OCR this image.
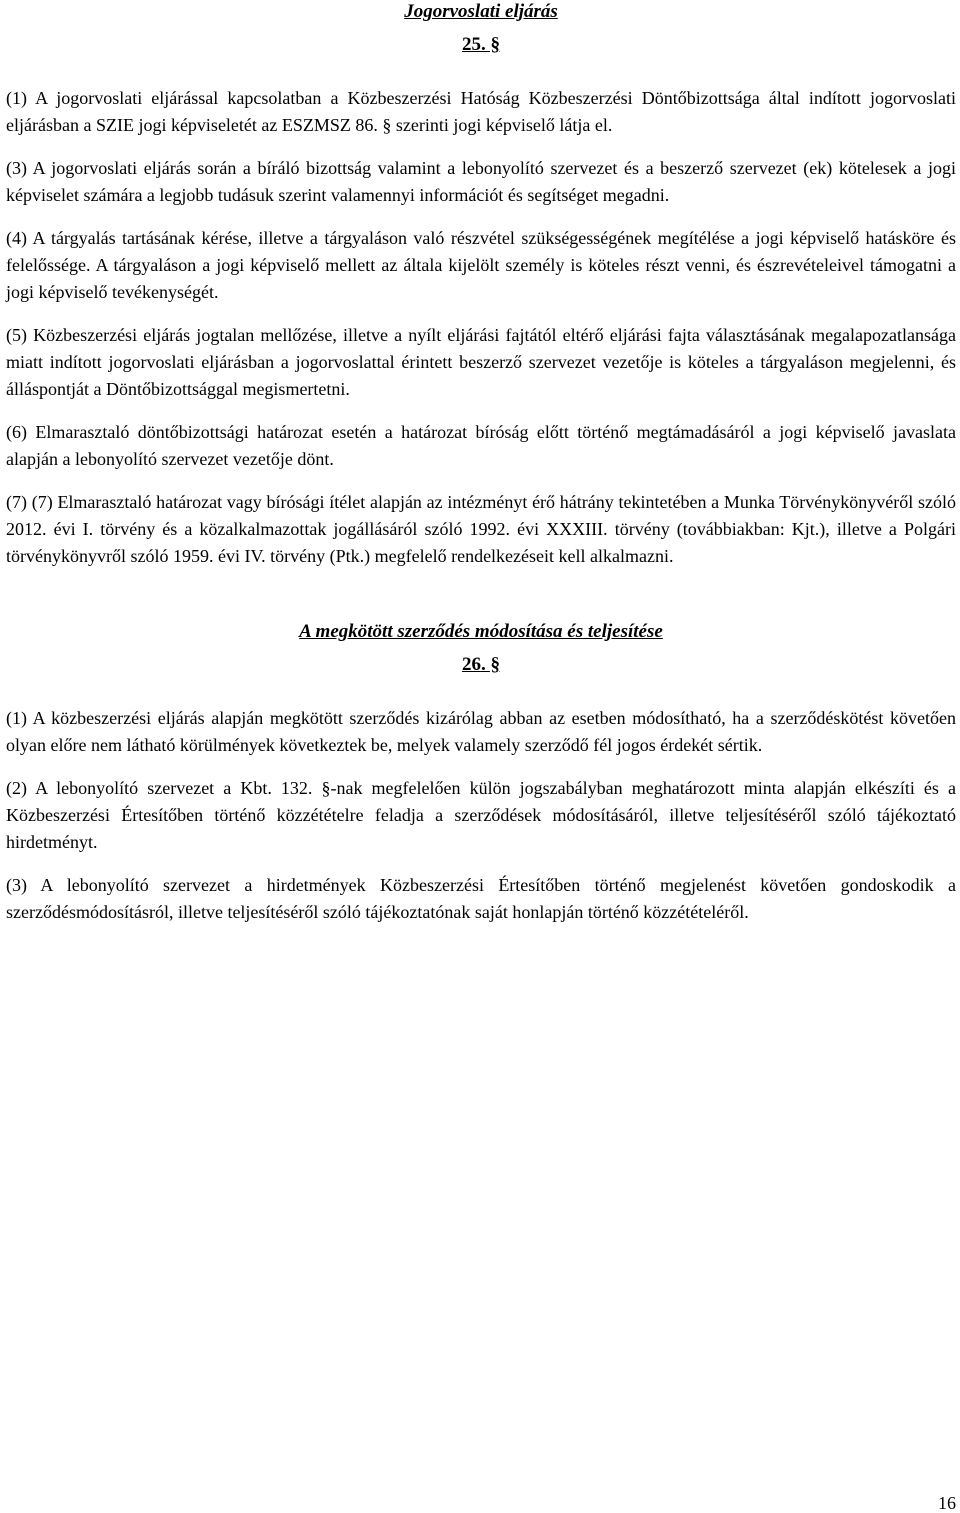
Jogorvoslati eljárás
25. §

(1) A jogorvoslati eljárással kapcsolatban a Közbeszerzési Hatóság Közbeszerzési Döntőbizottsága által indított jogorvoslati eljárásban a SZIE jogi képviseletét az ESZMSZ 86. § szerinti jogi képviselő látja el.

(3) A jogorvoslati eljárás során a bíráló bizottság valamint a lebonyolító szervezet és a beszerző szervezet (ek) kötelesek a jogi képviselet számára a legjobb tudásuk szerint valamennyi információt és segítséget megadni.

(4) A tárgyalás tartásának kérése, illetve a tárgyaláson való részvétel szükségességének megítélése a jogi képviselő hatásköre és felelőssége. A tárgyaláson a jogi képviselő mellett az általa kijelölt személy is köteles részt venni, és észrevételeivel támogatni a jogi képviselő tevékenységét.

(5) Közbeszerzési eljárás jogtalan mellőzése, illetve a nyílt eljárási fajtától eltérő eljárási fajta választásának megalapozatlansága miatt indított jogorvoslati eljárásban a jogorvoslattal érintett beszerző szervezet vezetője is köteles a tárgyaláson megjelenni, és álláspontját a Döntőbizottsággal megismertetni.

(6) Elmarasztaló döntőbizottsági határozat esetén a határozat bíróság előtt történő megtámadásáról a jogi képviselő javaslata alapján a lebonyolító szervezet vezetője dönt.

(7) (7) Elmarasztaló határozat vagy bírósági ítélet alapján az intézményt érő hátrány tekintetében a Munka Törvénykönyvéről szóló 2012. évi I. törvény és a közalkalmazottak jogállásáról szóló 1992. évi XXXIII. törvény (továbbiakban: Kjt.), illetve a Polgári törvénykönyvről szóló 1959. évi IV. törvény (Ptk.) megfelelő rendelkezéseit kell alkalmazni.

A megkötött szerződés módosítása és teljesítése
26. §

(1) A közbeszerzési eljárás alapján megkötött szerződés kizárólag abban az esetben módosítható, ha a szerződéskötést követően olyan előre nem látható körülmények következtek be, melyek valamely szerződő fél jogos érdekét sértik.

(2) A lebonyolító szervezet a Kbt. 132. §-nak megfelelően külön jogszabályban meghatározott minta alapján elkészíti és a Közbeszerzési Értesítőben történő közzétételre feladja a szerződések módosításáról, illetve teljesítéséről szóló tájékoztató hirdetményt.

(3) A lebonyolító szervezet a hirdetmények Közbeszerzési Értesítőben történő megjelenést követően gondoskodik a szerződésmódosításról, illetve teljesítéséről szóló tájékoztatónak saját honlapján történő közzétételéről.

16
